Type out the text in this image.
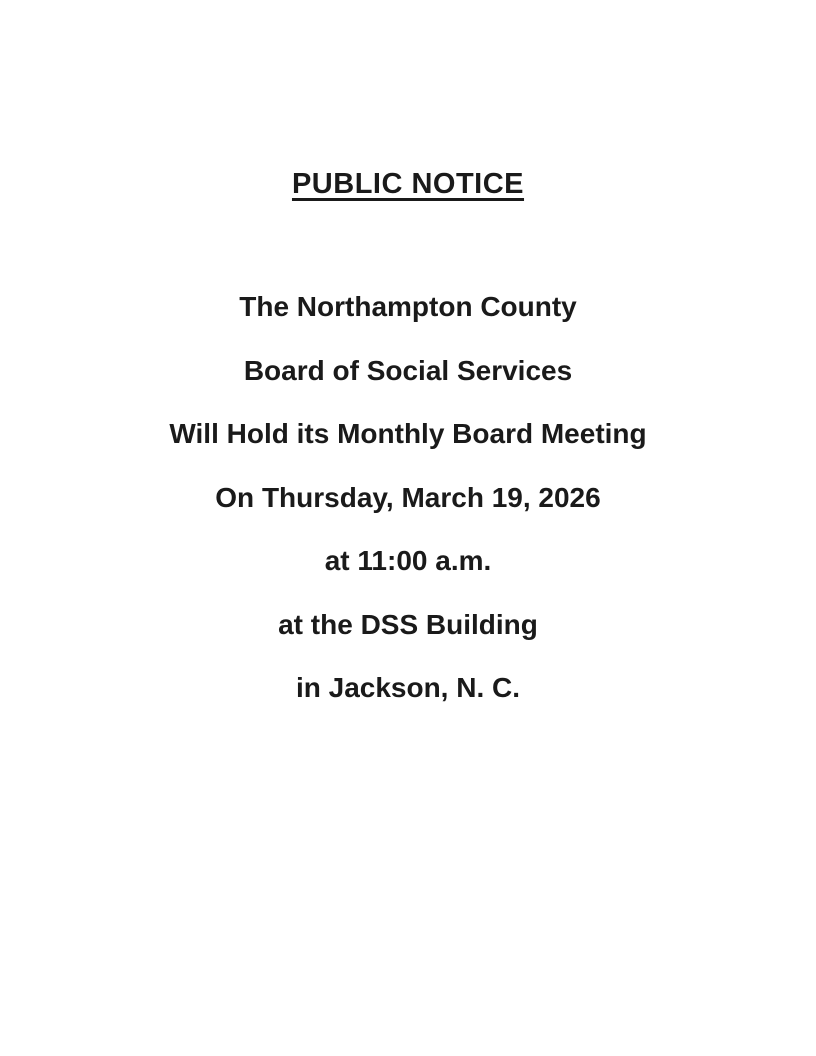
PUBLIC NOTICE

The Northampton County

Board of Social Services

Will Hold its Monthly Board Meeting

On Thursday, March 19, 2026

at 11:00 a.m.

at the DSS Building

in Jackson, N. C.
